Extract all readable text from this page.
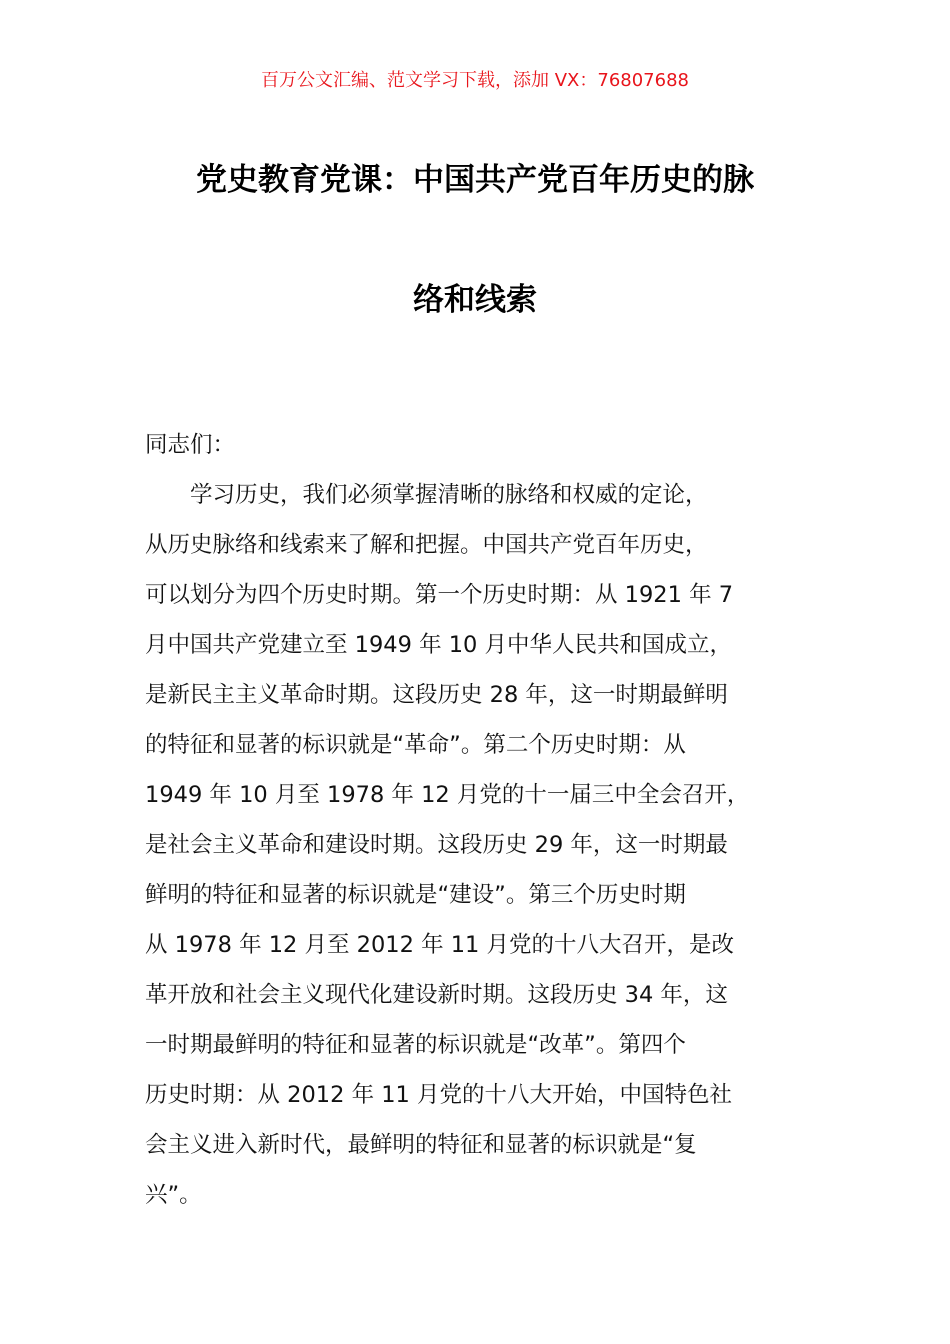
百万公文汇编、范文学习下载，添加 VX：76807688
党史教育党课：中国共产党百年历史的脉
络和线索
同志们：
　　学习历史，我们必须掌握清晰的脉络和权威的定论，
从历史脉络和线索来了解和把握。中国共产党百年历史，
可以划分为四个历史时期。第一个历史时期：从 1921 年 7
月中国共产党建立至 1949 年 10 月中华人民共和国成立，
是新民主主义革命时期。这段历史 28 年，这一时期最鲜明
的特征和显著的标识就是“革命”。第二个历史时期：从
1949 年 10 月至 1978 年 12 月党的十一届三中全会召开，
是社会主义革命和建设时期。这段历史 29 年，这一时期最
鲜明的特征和显著的标识就是“建设”。第三个历史时期
从 1978 年 12 月至 2012 年 11 月党的十八大召开，是改
革开放和社会主义现代化建设新时期。这段历史 34 年，这
一时期最鲜明的特征和显著的标识就是“改革”。第四个
历史时期：从 2012 年 11 月党的十八大开始，中国特色社
会主义进入新时代，最鲜明的特征和显著的标识就是“复
兴”。
